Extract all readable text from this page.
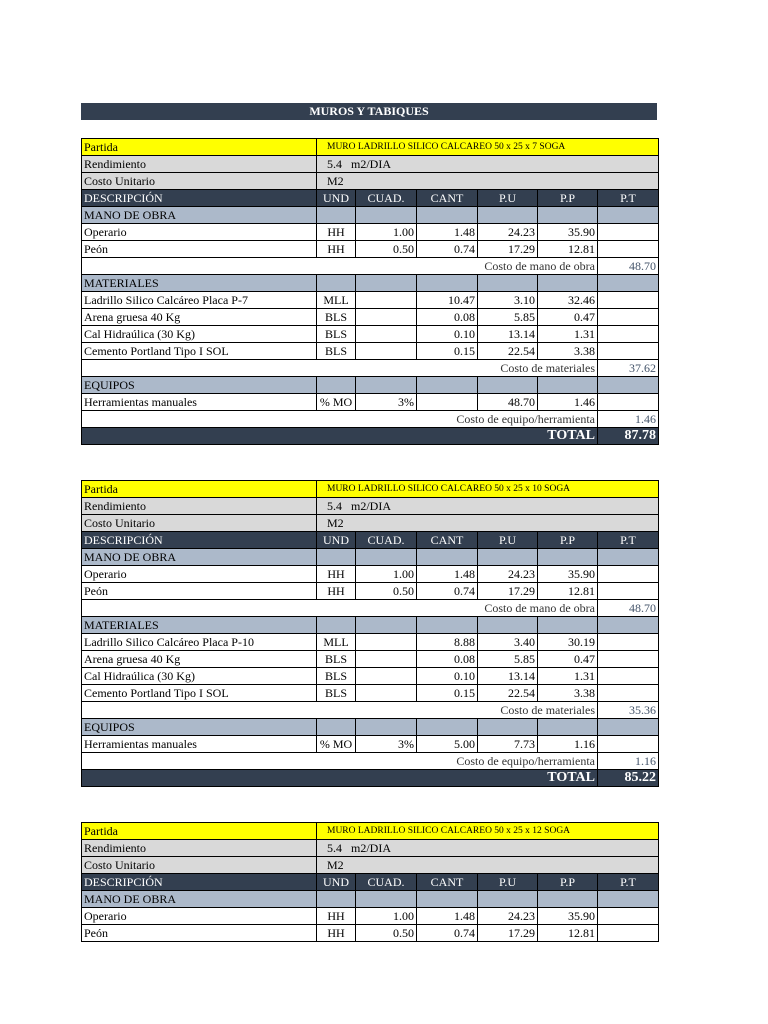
MUROS Y TABIQUES
Partida	MURO LADRILLO SILICO CALCAREO 50 x 25 x 7 SOGA					
Rendimiento	5.4 m2/DIA					
Costo Unitario	M2					
DESCRIPCIÓN	UND	CUAD.	CANT	P.U	P.P	P.T
MANO DE OBRA						
Operario	HH	1.00	1.48	24.23	35.90	
Peón	HH	0.50	0.74	17.29	12.81	
Costo de mano de obra						48.70
MATERIALES						
Ladrillo Silico Calcáreo Placa P-7	MLL		10.47	3.10	32.46	
Arena gruesa 40 Kg	BLS		0.08	5.85	0.47	
Cal Hidraúlica (30 Kg)	BLS		0.10	13.14	1.31	
Cemento Portland Tipo I SOL	BLS		0.15	22.54	3.38	
Costo de materiales						37.62
EQUIPOS						
Herramientas manuales	% MO	3%		48.70	1.46	
Costo de equipo/herramienta						1.46
TOTAL						87.78
Partida	MURO LADRILLO SILICO CALCAREO 50 x 25 x 10 SOGA					
Rendimiento	5.4 m2/DIA					
Costo Unitario	M2					
DESCRIPCIÓN	UND	CUAD.	CANT	P.U	P.P	P.T
MANO DE OBRA						
Operario	HH	1.00	1.48	24.23	35.90	
Peón	HH	0.50	0.74	17.29	12.81	
Costo de mano de obra						48.70
MATERIALES						
Ladrillo Silico Calcáreo Placa P-10	MLL		8.88	3.40	30.19	
Arena gruesa 40 Kg	BLS		0.08	5.85	0.47	
Cal Hidraúlica (30 Kg)	BLS		0.10	13.14	1.31	
Cemento Portland Tipo I SOL	BLS		0.15	22.54	3.38	
Costo de materiales						35.36
EQUIPOS						
Herramientas manuales	% MO	3%	5.00	7.73	1.16	
Costo de equipo/herramienta						1.16
TOTAL						85.22
Partida	MURO LADRILLO SILICO CALCAREO 50 x 25 x 12 SOGA					
Rendimiento	5.4 m2/DIA					
Costo Unitario	M2					
DESCRIPCIÓN	UND	CUAD.	CANT	P.U	P.P	P.T
MANO DE OBRA						
Operario	HH	1.00	1.48	24.23	35.90	
Peón	HH	0.50	0.74	17.29	12.81	
